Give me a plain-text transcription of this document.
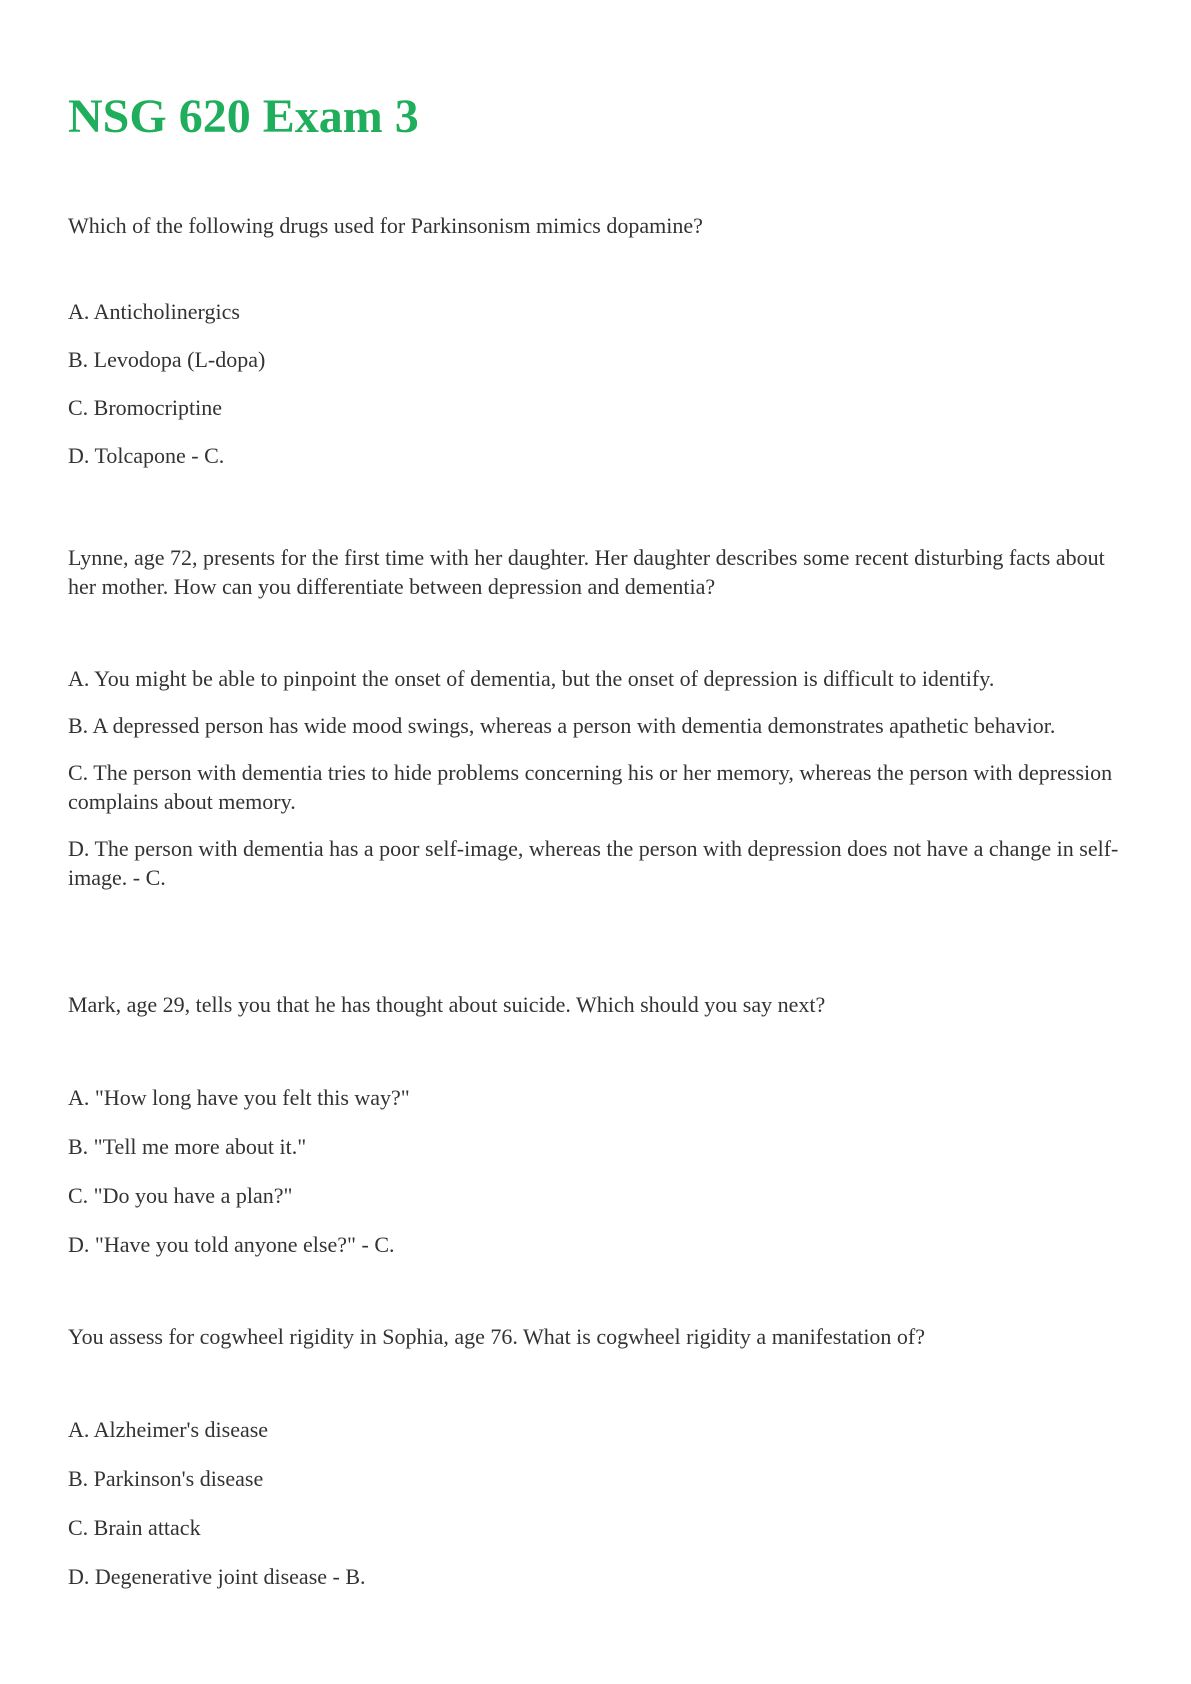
NSG 620 Exam 3

Which of the following drugs used for Parkinsonism mimics dopamine?

A. Anticholinergics
B. Levodopa (L-dopa)
C. Bromocriptine
D. Tolcapone - C.

Lynne, age 72, presents for the first time with her daughter. Her daughter describes some recent disturbing facts about her mother. How can you differentiate between depression and dementia?

A. You might be able to pinpoint the onset of dementia, but the onset of depression is difficult to identify.
B. A depressed person has wide mood swings, whereas a person with dementia demonstrates apathetic behavior.
C. The person with dementia tries to hide problems concerning his or her memory, whereas the person with depression complains about memory.
D. The person with dementia has a poor self-image, whereas the person with depression does not have a change in self-image. - C.

Mark, age 29, tells you that he has thought about suicide. Which should you say next?

A. "How long have you felt this way?"
B. "Tell me more about it."
C. "Do you have a plan?"
D. "Have you told anyone else?" - C.

You assess for cogwheel rigidity in Sophia, age 76. What is cogwheel rigidity a manifestation of?

A. Alzheimer's disease
B. Parkinson's disease
C. Brain attack
D. Degenerative joint disease - B.
